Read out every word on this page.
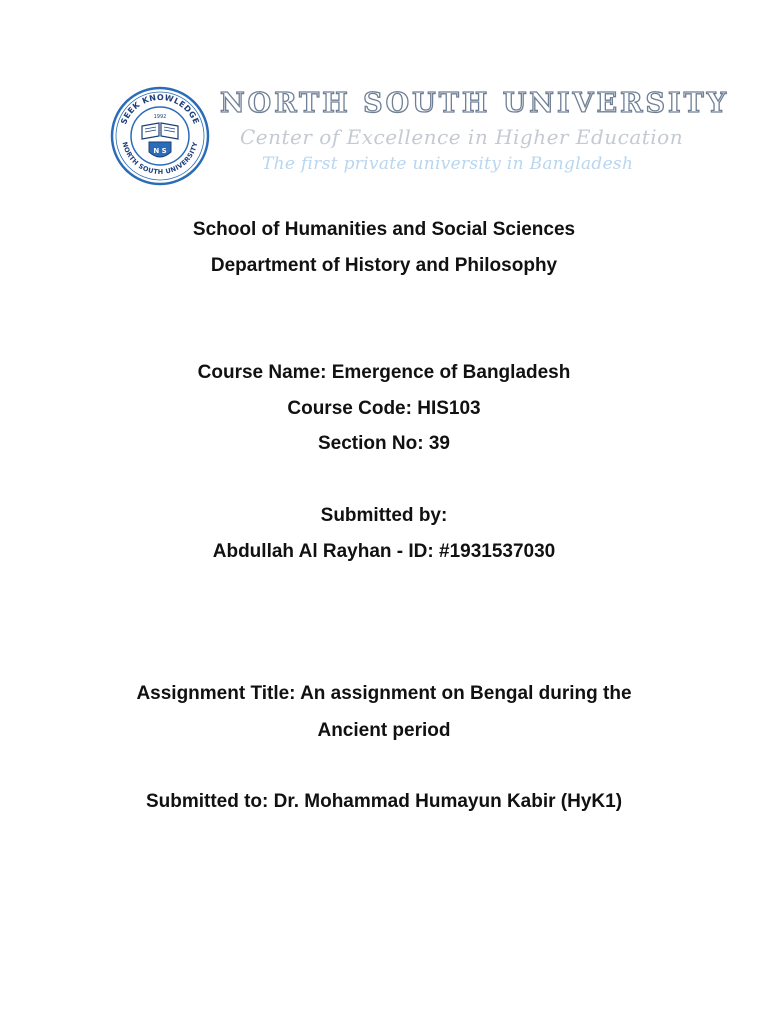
SEEK KNOWLEDGE
NORTH SOUTH UNIVERSITY
1992
N S
NORTH SOUTH UNIVERSITY
Center of Excellence in Higher Education
The first private university in Bangladesh
School of Humanities and Social Sciences
Department of History and Philosophy
Course Name: Emergence of Bangladesh
Course Code: HIS103
Section No: 39
Submitted by:
Abdullah Al Rayhan - ID: #1931537030
Assignment Title: An assignment on Bengal during the
Ancient period
Submitted to: Dr. Mohammad Humayun Kabir (HyK1)
